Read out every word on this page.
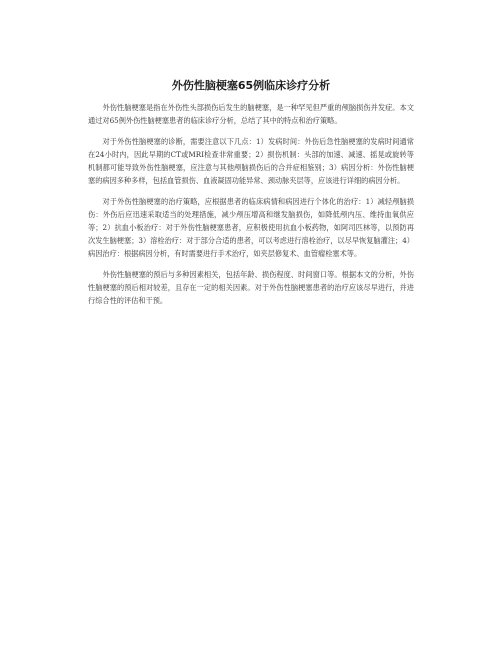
外伤性脑梗塞65例临床诊疗分析

外伤性脑梗塞是指在外伤性头部损伤后发生的脑梗塞，是一种罕见但严重的颅脑损伤并发症。本文通过对65例外伤性脑梗塞患者的临床诊疗分析，总结了其中的特点和治疗策略。

对于外伤性脑梗塞的诊断，需要注意以下几点：1）发病时间：外伤后急性脑梗塞的发病时间通常在24小时内，因此早期的CT或MRI检查非常重要；2）损伤机制：头部的加速、减速、摇晃或旋转等机制都可能导致外伤性脑梗塞，应注意与其他颅脑损伤后的合并症相鉴别；3）病因分析：外伤性脑梗塞的病因多种多样，包括血管损伤、血液凝固功能异常、颈动脉夹层等，应该进行详细的病因分析。

对于外伤性脑梗塞的治疗策略，应根据患者的临床病情和病因进行个体化的治疗：1）减轻颅脑损伤：外伤后应迅速采取适当的处理措施，减少颅压增高和继发脑损伤，如降低颅内压、维持血氧供应等；2）抗血小板治疗：对于外伤性脑梗塞患者，应积极使用抗血小板药物，如阿司匹林等，以预防再次发生脑梗塞；3）溶栓治疗：对于部分合适的患者，可以考虑进行溶栓治疗，以尽早恢复脑灌注；4）病因治疗：根据病因分析，有时需要进行手术治疗，如夹层修复术、血管瘤栓塞术等。

外伤性脑梗塞的预后与多种因素相关，包括年龄、损伤程度、时间窗口等。根据本文的分析，外伤性脑梗塞的预后相对较差，且存在一定的相关因素。对于外伤性脑梗塞患者的治疗应该尽早进行，并进行综合性的评估和干预。
